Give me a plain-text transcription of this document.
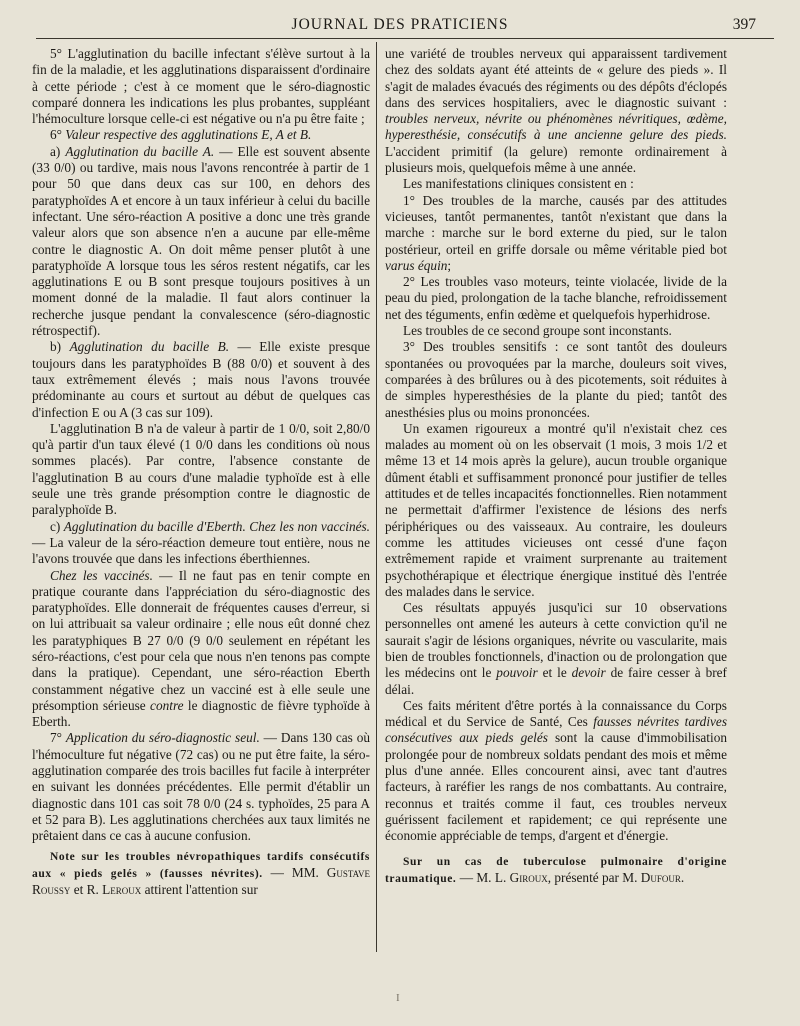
JOURNAL DES PRATICIENS	397

5° L'agglutination du bacille infectant s'élève surtout à la fin de la maladie, et les agglutinations disparaissent d'ordinaire à cette période ; c'est à ce moment que le séro-diagnostic comparé donnera les indications les plus probantes, suppléant l'hémoculture lorsque celle-ci est négative ou n'a pu être faite ;

6° Valeur respective des agglutinations E, A et B.

a) Agglutination du bacille A. — Elle est souvent absente (33 0/0) ou tardive, mais nous l'avons rencontrée à partir de 1 pour 50 que dans deux cas sur 100, en dehors des paratyphoïdes A et encore à un taux inférieur à celui du bacille infectant. Une séro-réaction A positive a donc une très grande valeur alors que son absence n'en a aucune par elle-même contre le diagnostic A. On doit même penser plutôt à une paratyphoïde A lorsque tous les séros restent négatifs, car les agglutinations E ou B sont presque toujours positives à un moment donné de la maladie. Il faut alors continuer la recherche jusque pendant la convalescence (séro-diagnostic rétrospectif).

b) Agglutination du bacille B. — Elle existe presque toujours dans les paratyphoïdes B (88 0/0) et souvent à des taux extrêmement élevés ; mais nous l'avons trouvée prédominante au cours et surtout au début de quelques cas d'infection E ou A (3 cas sur 109).

L'agglutination B n'a de valeur à partir de 1 0/0, soit 2,80/0 qu'à partir d'un taux élevé (1 0/0 dans les conditions où nous sommes placés). Par contre, l'absence constante de l'agglutination B au cours d'une maladie typhoïde est à elle seule une très grande présomption contre le diagnostic de paralyphoïde B.

c) Agglutination du bacille d'Eberth. Chez les non vaccinés. — La valeur de la séro-réaction demeure tout entière, nous ne l'avons trouvée que dans les infections éberthiennes.

Chez les vaccinés. — Il ne faut pas en tenir compte en pratique courante dans l'appréciation du séro-diagnostic des paratyphoïdes. Elle donnerait de fréquentes causes d'erreur, si on lui attribuait sa valeur ordinaire ; elle nous eût donné chez les paratyphiques B 27 0/0 (9 0/0 seulement en répétant les séro-réactions, c'est pour cela que nous n'en tenons pas compte dans la pratique). Cependant, une séro-réaction Eberth constamment négative chez un vacciné est à elle seule une présomption sérieuse contre le diagnostic de fièvre typhoïde à Eberth.

7° Application du séro-diagnostic seul. — Dans 130 cas où l'hémoculture fut négative (72 cas) ou ne put être faite, la séro-agglutination comparée des trois bacilles fut facile à interpréter en suivant les données précédentes. Elle permit d'établir un diagnostic dans 101 cas soit 78 0/0 (24 s. typhoïdes, 25 para A et 52 para B). Les agglutinations cherchées aux taux limités ne prêtaient dans ce cas à aucune confusion.

Note sur les troubles névropathiques tardifs consécutifs aux « pieds gelés » (fausses névrites). — MM. Gustave Roussy et R. Leroux attirent l'attention sur

une variété de troubles nerveux qui apparaissent tardivement chez des soldats ayant été atteints de « gelure des pieds ». Il s'agit de malades évacués des régiments ou des dépôts d'éclopés dans des services hospitaliers, avec le diagnostic suivant : troubles nerveux, névrite ou phénomènes névritiques, œdème, hyperesthésie, consécutifs à une ancienne gelure des pieds. L'accident primitif (la gelure) remonte ordinairement à plusieurs mois, quelquefois même à une année.

Les manifestations cliniques consistent en :

1° Des troubles de la marche, causés par des attitudes vicieuses, tantôt permanentes, tantôt n'existant que dans la marche : marche sur le bord externe du pied, sur le talon postérieur, orteil en griffe dorsale ou même véritable pied bot varus équin;

2° Les troubles vaso moteurs, teinte violacée, livide de la peau du pied, prolongation de la tache blanche, refroidissement net des téguments, enfin œdème et quelquefois hyperhidrose.

Les troubles de ce second groupe sont inconstants.

3° Des troubles sensitifs : ce sont tantôt des douleurs spontanées ou provoquées par la marche, douleurs soit vives, comparées à des brûlures ou à des picotements, soit réduites à de simples hyperesthésies de la plante du pied; tantôt des anesthésies plus ou moins prononcées.

Un examen rigoureux a montré qu'il n'existait chez ces malades au moment où on les observait (1 mois, 3 mois 1/2 et même 13 et 14 mois après la gelure), aucun trouble organique dûment établi et suffisamment prononcé pour justifier de telles attitudes et de telles incapacités fonctionnelles. Rien notamment ne permettait d'affirmer l'existence de lésions des nerfs périphériques ou des vaisseaux. Au contraire, les douleurs comme les attitudes vicieuses ont cessé d'une façon extrêmement rapide et vraiment surprenante au traitement psychothérapique et électrique énergique institué dès l'entrée des malades dans le service.

Ces résultats appuyés jusqu'ici sur 10 observations personnelles ont amené les auteurs à cette conviction qu'il ne saurait s'agir de lésions organiques, névrite ou vascularite, mais bien de troubles fonctionnels, d'inaction ou de prolongation que les médecins ont le pouvoir et le devoir de faire cesser à bref délai.

Ces faits méritent d'être portés à la connaissance du Corps médical et du Service de Santé, Ces fausses névrites tardives consécutives aux pieds gelés sont la cause d'immobilisation prolongée pour de nombreux soldats pendant des mois et même plus d'une année. Elles concourent ainsi, avec tant d'autres facteurs, à raréfier les rangs de nos combattants. Au contraire, reconnus et traités comme il faut, ces troubles nerveux guérissent facilement et rapidement; ce qui représente une économie appréciable de temps, d'argent et d'énergie.

Sur un cas de tuberculose pulmonaire d'origine traumatique. — M. L. Giroux, présenté par M. Dufour.

I
